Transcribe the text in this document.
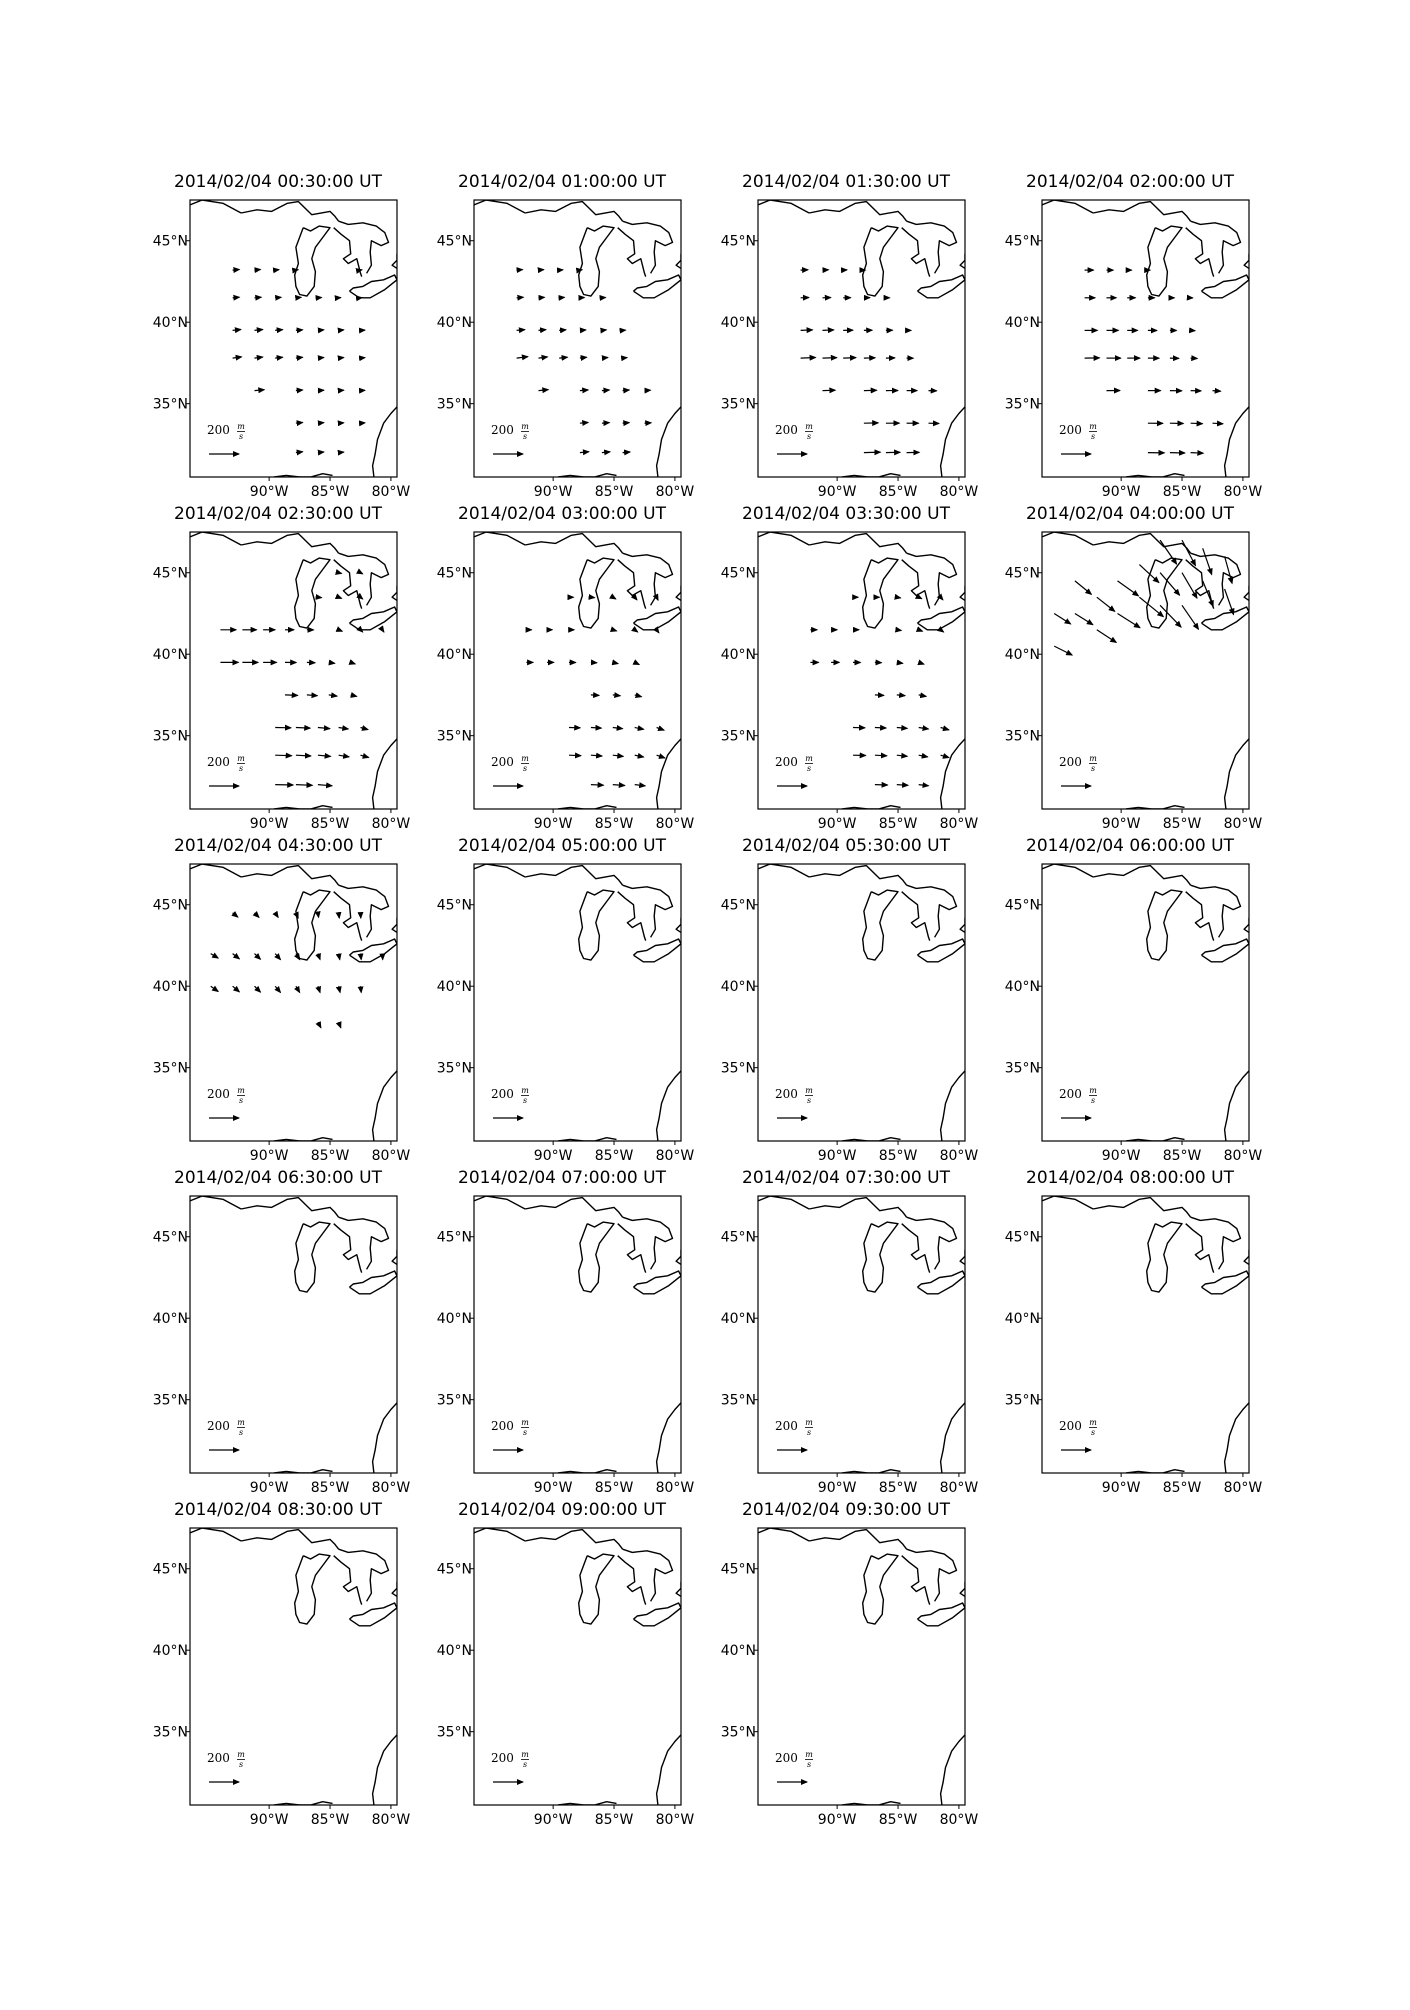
2014/02/04 00:30:00 UT
45°N
40°N
35°N
90°W 85°W 80°W
200 m
s
2014/02/04 01:00:00 UT
45°N
40°N
35°N
90°W 85°W 80°W
200 m
s
2014/02/04 01:30:00 UT
45°N
40°N
35°N
90°W 85°W 80°W
200 m
s
2014/02/04 02:00:00 UT
45°N
40°N
35°N
90°W 85°W 80°W
200 m
s
2014/02/04 02:30:00 UT
45°N
40°N
35°N
90°W 85°W 80°W
200 m
s
2014/02/04 03:00:00 UT
45°N
40°N
35°N
90°W 85°W 80°W
200 m
s
2014/02/04 03:30:00 UT
45°N
40°N
35°N
90°W 85°W 80°W
200 m
s
2014/02/04 04:00:00 UT
45°N
40°N
35°N
90°W 85°W 80°W
200 m
s
2014/02/04 04:30:00 UT
45°N
40°N
35°N
90°W 85°W 80°W
200 m
s
2014/02/04 05:00:00 UT
45°N
40°N
35°N
90°W 85°W 80°W
200 m
s
2014/02/04 05:30:00 UT
45°N
40°N
35°N
90°W 85°W 80°W
200 m
s
2014/02/04 06:00:00 UT
45°N
40°N
35°N
90°W 85°W 80°W
200 m
s
2014/02/04 06:30:00 UT
45°N
40°N
35°N
90°W 85°W 80°W
200 m
s
2014/02/04 07:00:00 UT
45°N
40°N
35°N
90°W 85°W 80°W
200 m
s
2014/02/04 07:30:00 UT
45°N
40°N
35°N
90°W 85°W 80°W
200 m
s
2014/02/04 08:00:00 UT
45°N
40°N
35°N
90°W 85°W 80°W
200 m
s
2014/02/04 08:30:00 UT
45°N
40°N
35°N
90°W 85°W 80°W
200 m
s
2014/02/04 09:00:00 UT
45°N
40°N
35°N
90°W 85°W 80°W
200 m
s
2014/02/04 09:30:00 UT
45°N
40°N
35°N
90°W 85°W 80°W
200 m
s
